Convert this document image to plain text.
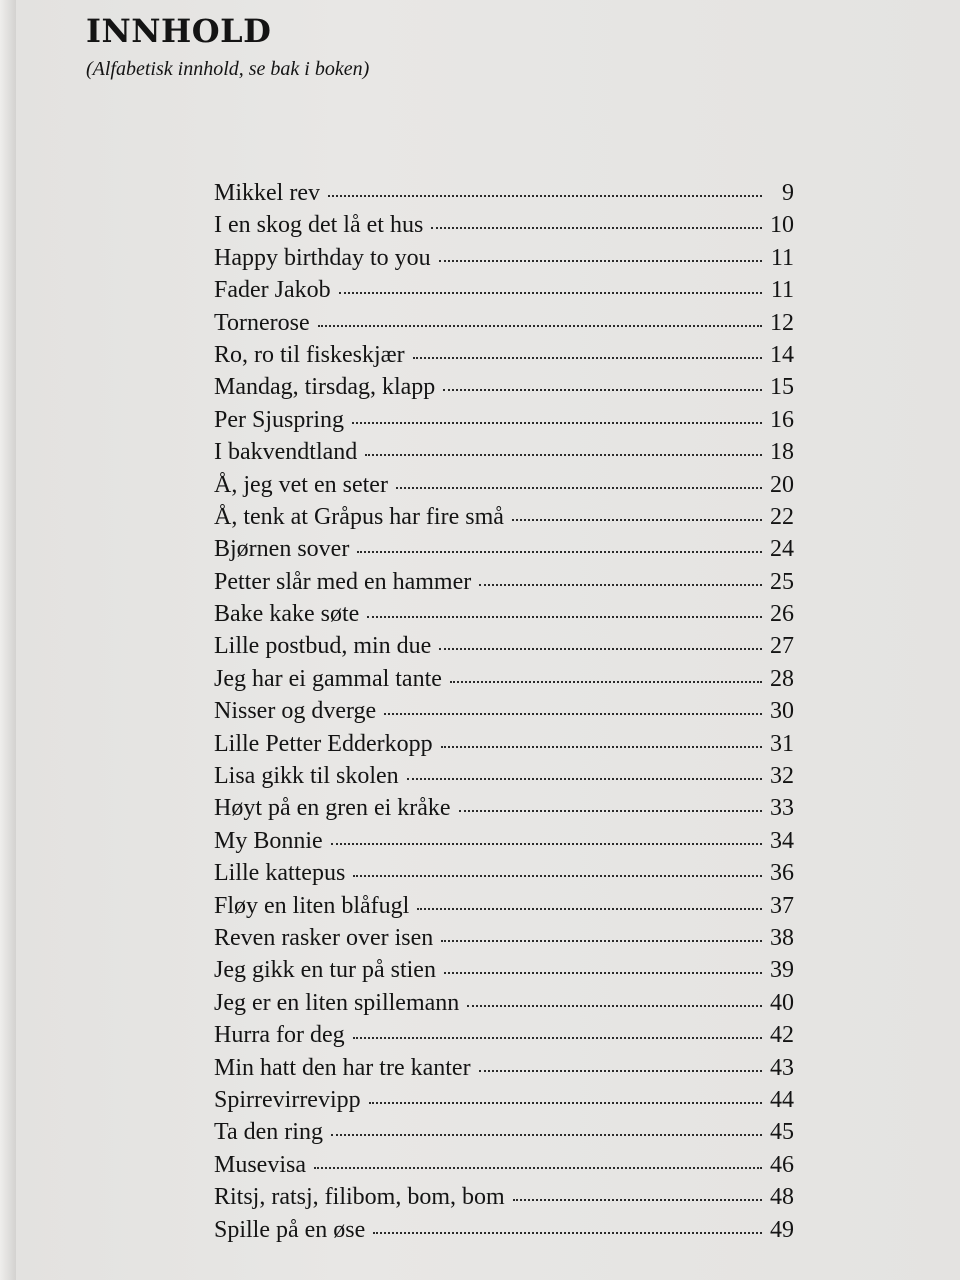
INNHOLD

(Alfabetisk innhold, se bak i boken)

Mikkel rev	9
I en skog det lå et hus	10
Happy birthday to you	11
Fader Jakob	11
Tornerose	12
Ro, ro til fiskeskjær	14
Mandag, tirsdag, klapp	15
Per Sjuspring	16
I bakvendtland	18
Å, jeg vet en seter	20
Å, tenk at Gråpus har fire små	22
Bjørnen sover	24
Petter slår med en hammer	25
Bake kake søte	26
Lille postbud, min due	27
Jeg har ei gammal tante	28
Nisser og dverge	30
Lille Petter Edderkopp	31
Lisa gikk til skolen	32
Høyt på en gren ei kråke	33
My Bonnie	34
Lille kattepus	36
Fløy en liten blåfugl	37
Reven rasker over isen	38
Jeg gikk en tur på stien	39
Jeg er en liten spillemann	40
Hurra for deg	42
Min hatt den har tre kanter	43
Spirrevirrevipp	44
Ta den ring	45
Musevisa	46
Ritsj, ratsj, filibom, bom, bom	48
Spille på en øse	49
